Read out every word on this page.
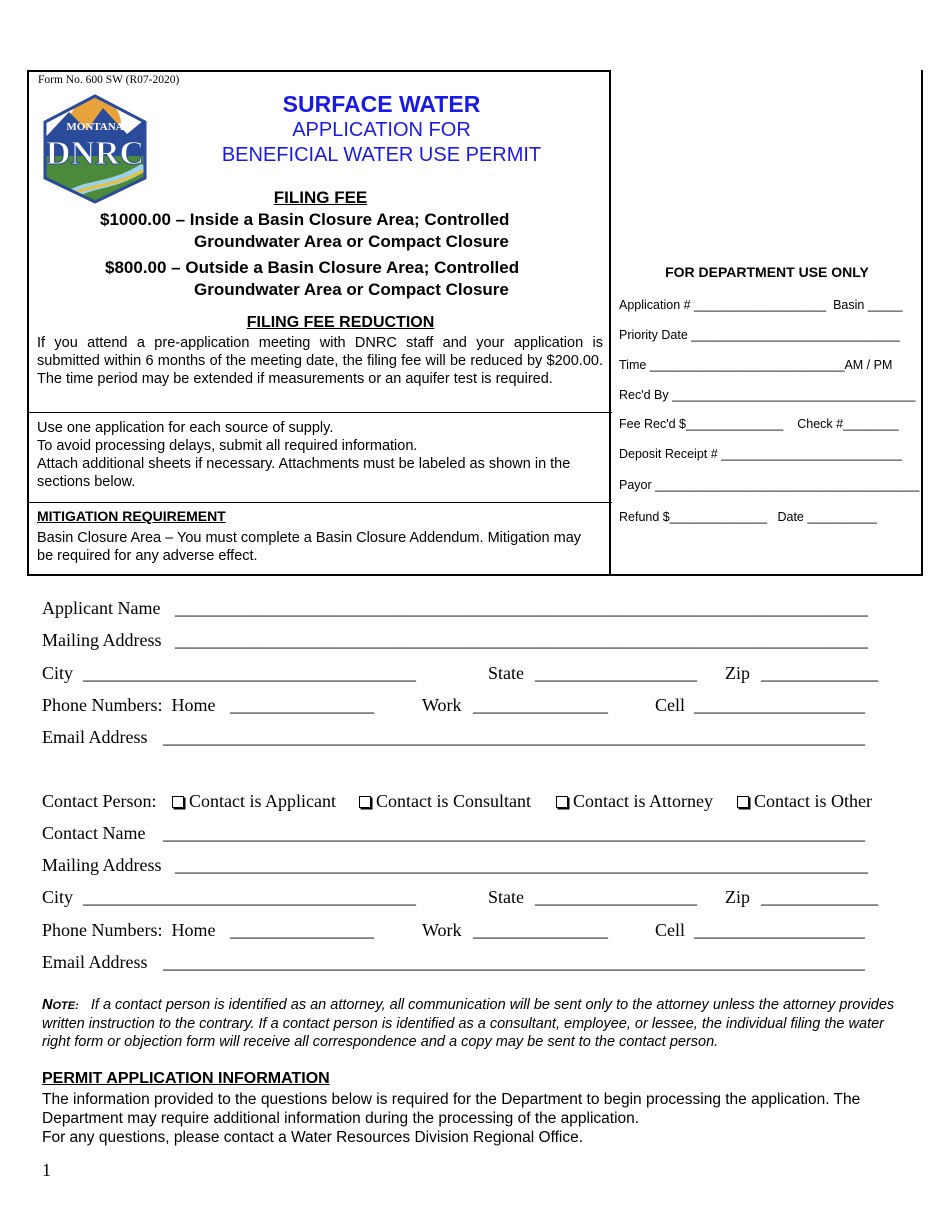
Form No. 600 SW (R07-2020)
MONTANA
DNRC
SURFACE WATER
APPLICATION FOR
BENEFICIAL WATER USE PERMIT
FILING FEE
$1000.00 – Inside a Basin Closure Area; Controlled
Groundwater Area or Compact Closure
$800.00 – Outside a Basin Closure Area; Controlled
Groundwater Area or Compact Closure
FILING FEE REDUCTION
If you attend a pre-application meeting with DNRC staff and your application is submitted within 6 months of the meeting date, the filing fee will be reduced by $200.00. The time period may be extended if measurements or an aquifer test is required.
Use one application for each source of supply.
To avoid processing delays, submit all required information.
Attach additional sheets if necessary. Attachments must be labeled as shown in the sections below.
MITIGATION REQUIREMENT
Basin Closure Area – You must complete a Basin Closure Addendum. Mitigation may be required for any adverse effect.
FOR DEPARTMENT USE ONLY
Application # ___________________  Basin _____
Priority Date ______________________________
Time ____________________________AM / PM
Rec'd By ___________________________________
Fee Rec'd $______________    Check #________
Deposit Receipt # __________________________
Payor ______________________________________
Refund $______________   Date __________
Applicant Name _____________________________________________________________________________
Mailing Address _____________________________________________________________________________
City _____________________________________	State __________________ Zip _____________
Phone Numbers:  Home ________________	Work _______________	Cell ___________________
Email Address ______________________________________________________________________________
Contact Person:	Contact is Applicant	Contact is Consultant	Contact is Attorney	Contact is Other
Contact Name ______________________________________________________________________________
Mailing Address _____________________________________________________________________________
City _____________________________________	State __________________ Zip _____________
Phone Numbers:  Home ________________	Work _______________	Cell ___________________
Email Address ______________________________________________________________________________
NOTE: If a contact person is identified as an attorney, all communication will be sent only to the attorney unless the attorney provides written instruction to the contrary. If a contact person is identified as a consultant, employee, or lessee, the individual filing the water right form or objection form will receive all correspondence and a copy may be sent to the contact person.
PERMIT APPLICATION INFORMATION
The information provided to the questions below is required for the Department to begin processing the application. The Department may require additional information during the processing of the application.
For any questions, please contact a Water Resources Division Regional Office.
1
